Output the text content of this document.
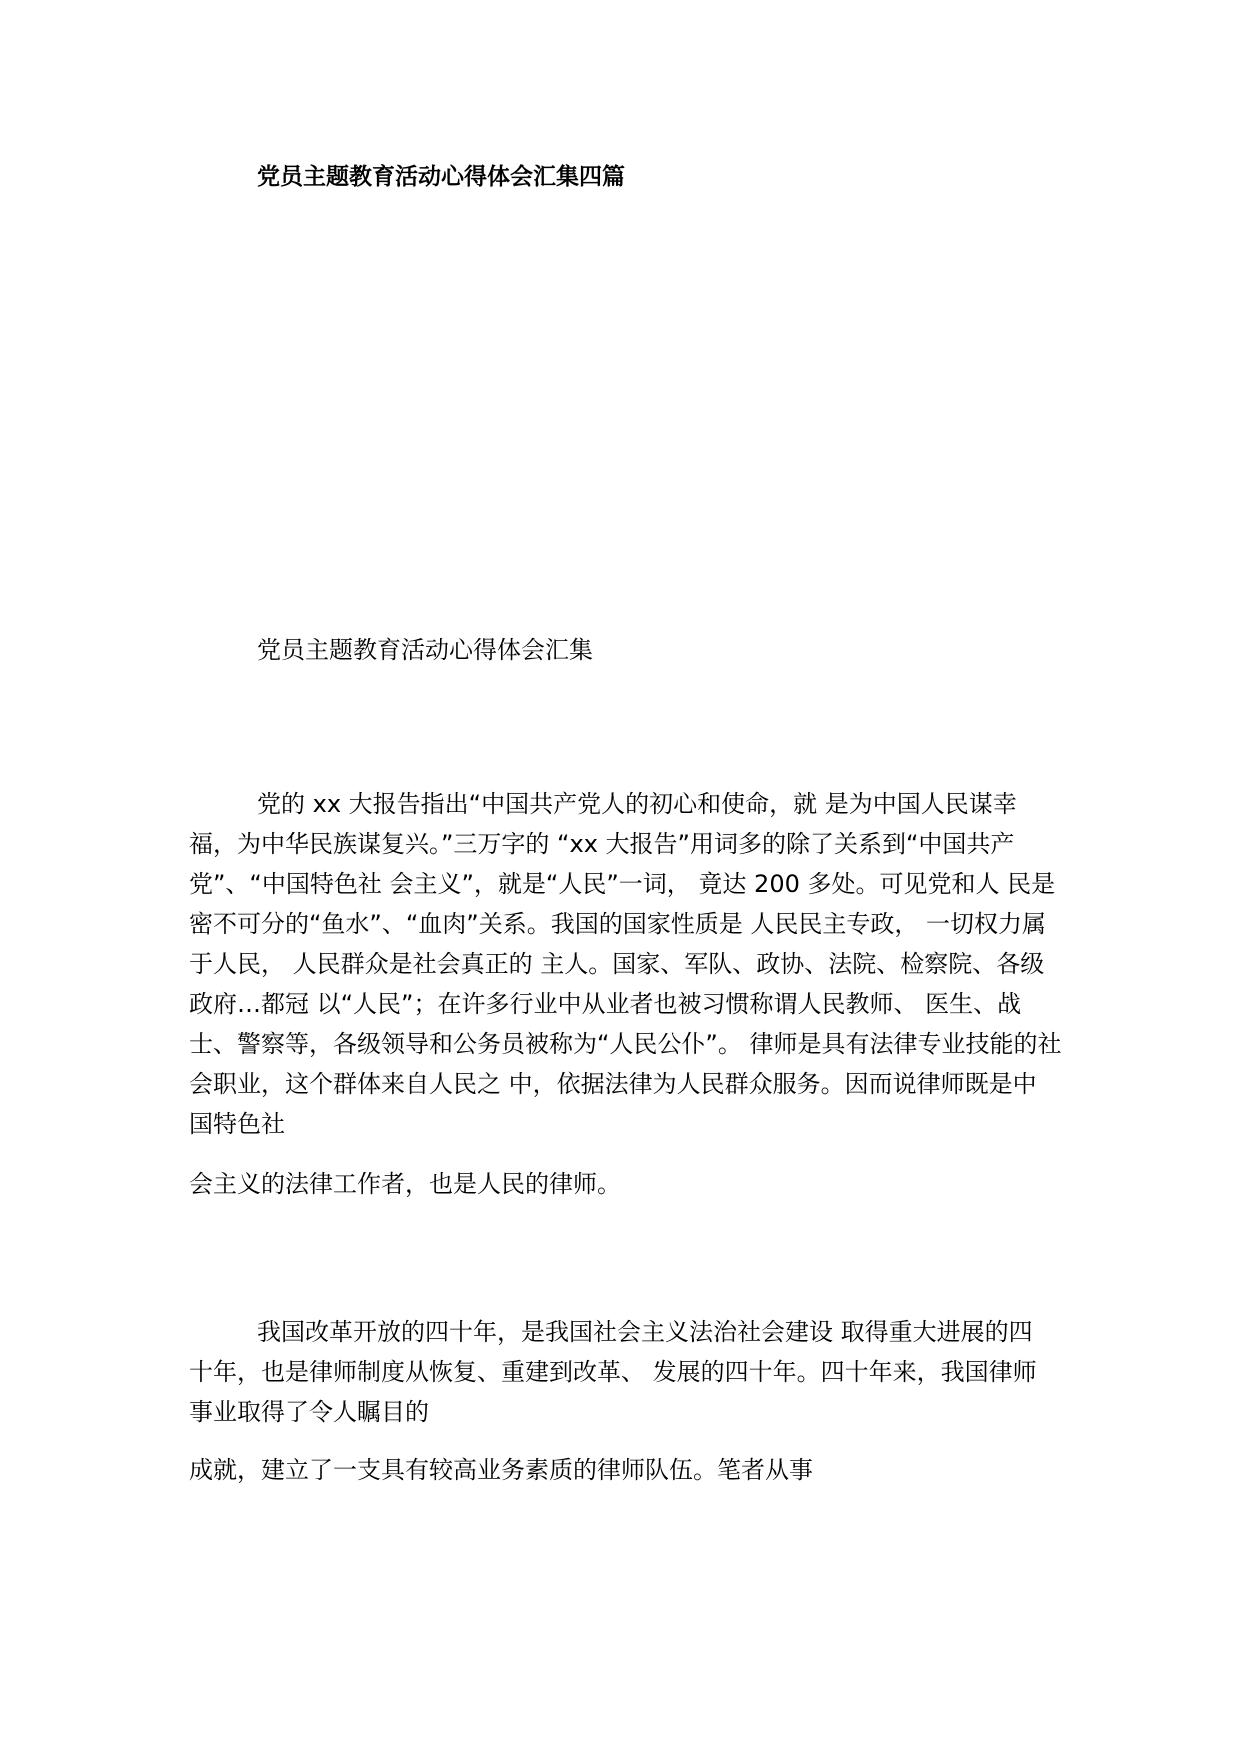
党员主题教育活动心得体会汇集四篇
党员主题教育活动心得体会汇集
党的 xx 大报告指出“中国共产党人的初心和使命，就 是为中国人民谋幸
福，为中华民族谋复兴。”三万字的 “xx 大报告”用词多的除了关系到“中国共产
党”、“中国特色社 会主义”，就是“人民”一词， 竟达 200 多处。可见党和人 民是
密不可分的“鱼水”、“血肉”关系。我国的国家性质是 人民民主专政， 一切权力属
于人民， 人民群众是社会真正的 主人。国家、军队、政协、法院、检察院、各级
政府…都冠 以“人民”；在许多行业中从业者也被习惯称谓人民教师、 医生、战
士、警察等，各级领导和公务员被称为“人民公仆”。 律师是具有法律专业技能的社
会职业，这个群体来自人民之 中，依据法律为人民群众服务。因而说律师既是中
国特色社
会主义的法律工作者，也是人民的律师。
我国改革开放的四十年，是我国社会主义法治社会建设 取得重大进展的四
十年，也是律师制度从恢复、重建到改革、 发展的四十年。四十年来，我国律师
事业取得了令人瞩目的
成就，建立了一支具有较高业务素质的律师队伍。笔者从事
